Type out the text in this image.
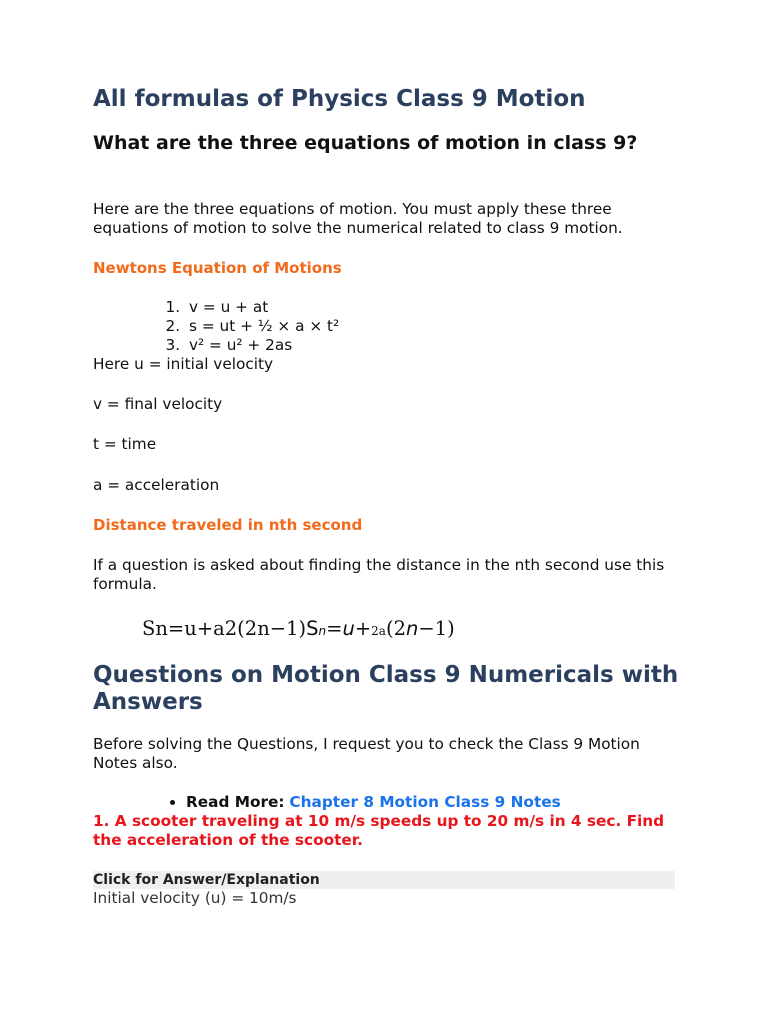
All formulas of Physics Class 9 Motion
What are the three equations of motion in class 9?

Here are the three equations of motion. You must apply these three equations of motion to solve the numerical related to class 9 motion.

Newtons Equation of Motions

1. v = u + at
2. s = ut + ½ × a × t²
3. v² = u² + 2as

Here u = initial velocity

v = final velocity

t = time

a = acceleration

Distance traveled in nth second

If a question is asked about finding the distance in the nth second use this formula.

Questions on Motion Class 9 Numericals with Answers

Before solving the Questions, I request you to check the Class 9 Motion Notes also.

• Read More: Chapter 8 Motion Class 9 Notes

1. A scooter traveling at 10 m/s speeds up to 20 m/s in 4 sec. Find the acceleration of the scooter.

Click for Answer/Explanation
Initial velocity (u) = 10m/s
Sn=u+a2(2n−1)Sn=u+2a(2n−1)
